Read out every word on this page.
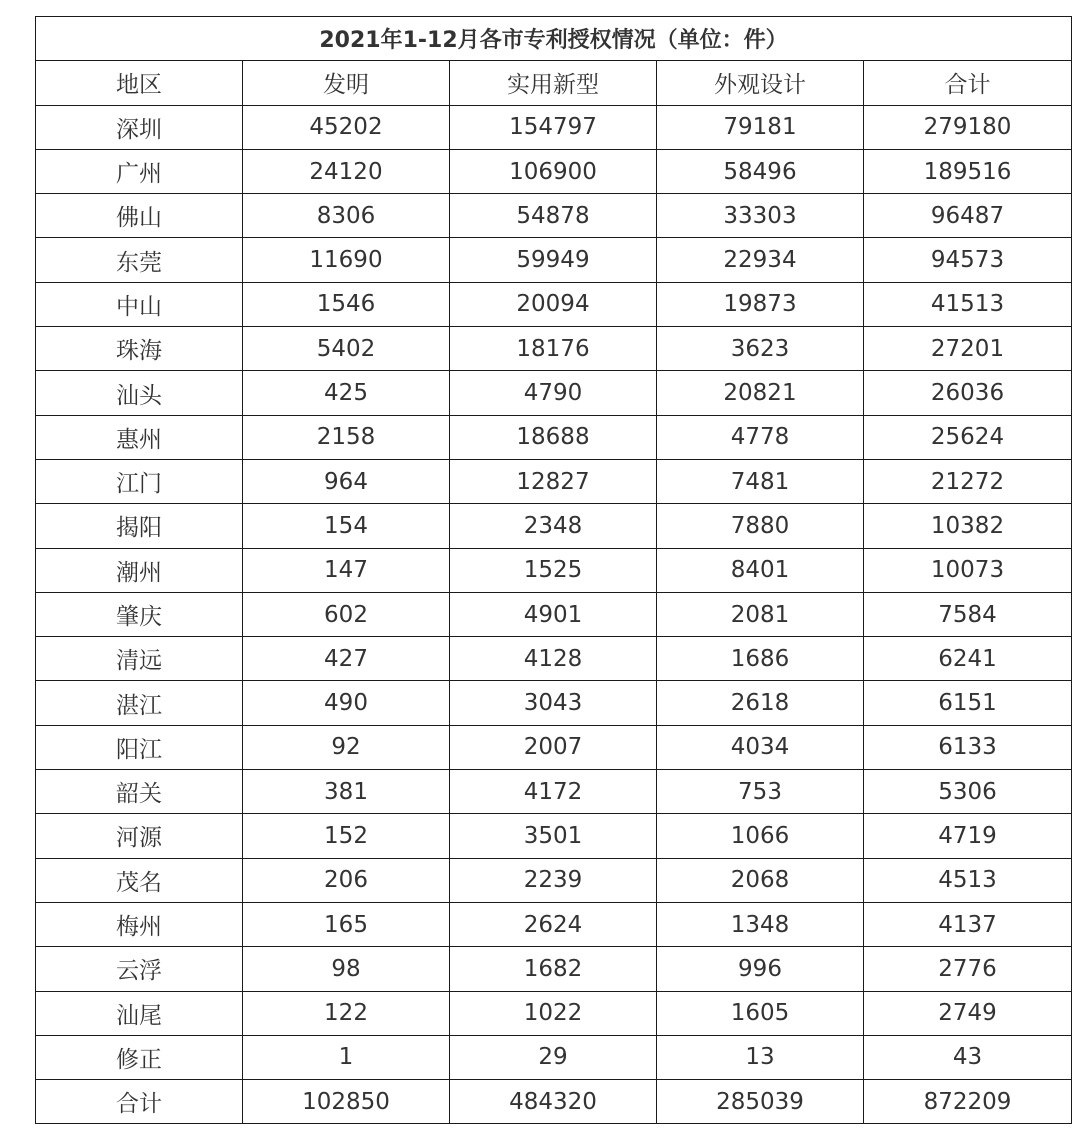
2021年1-12月各市专利授权情况（单位：件）				
地区	发明	实用新型	外观设计	合计
深圳	45202	154797	79181	279180
广州	24120	106900	58496	189516
佛山	8306	54878	33303	96487
东莞	11690	59949	22934	94573
中山	1546	20094	19873	41513
珠海	5402	18176	3623	27201
汕头	425	4790	20821	26036
惠州	2158	18688	4778	25624
江门	964	12827	7481	21272
揭阳	154	2348	7880	10382
潮州	147	1525	8401	10073
肇庆	602	4901	2081	7584
清远	427	4128	1686	6241
湛江	490	3043	2618	6151
阳江	92	2007	4034	6133
韶关	381	4172	753	5306
河源	152	3501	1066	4719
茂名	206	2239	2068	4513
梅州	165	2624	1348	4137
云浮	98	1682	996	2776
汕尾	122	1022	1605	2749
修正	1	29	13	43
合计	102850	484320	285039	872209
